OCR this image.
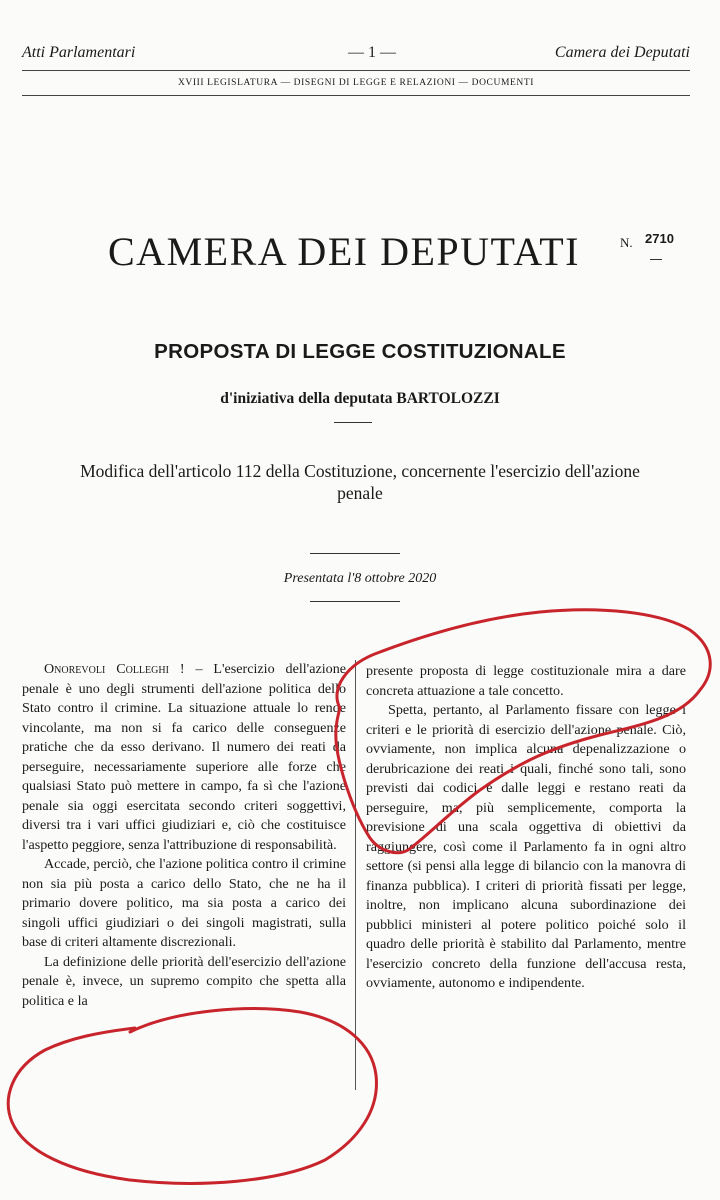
Atti Parlamentari	— 1 —	Camera dei Deputati
XVIII LEGISLATURA — DISEGNI DI LEGGE E RELAZIONI — DOCUMENTI
CAMERA DEI DEPUTATI	N. 2710
PROPOSTA DI LEGGE COSTITUZIONALE
d'iniziativa della deputata BARTOLOZZI
Modifica dell'articolo 112 della Costituzione, concernente l'esercizio dell'azione penale
Presentata l'8 ottobre 2020

Onorevoli Colleghi ! – L'esercizio dell'azione penale è uno degli strumenti dell'azione politica dello Stato contro il crimine. La situazione attuale lo rende vincolante, ma non si fa carico delle conseguenze pratiche che da esso derivano. Il numero dei reati da perseguire, necessariamente superiore alle forze che qualsiasi Stato può mettere in campo, fa sì che l'azione penale sia oggi esercitata secondo criteri soggettivi, diversi tra i vari uffici giudiziari e, ciò che costituisce l'aspetto peggiore, senza l'attribuzione di responsabilità.

Accade, perciò, che l'azione politica contro il crimine non sia più posta a carico dello Stato, che ne ha il primario dovere politico, ma sia posta a carico dei singoli uffici giudiziari o dei singoli magistrati, sulla base di criteri altamente discrezionali.

La definizione delle priorità dell'esercizio dell'azione penale è, invece, un supremo compito che spetta alla politica e la

presente proposta di legge costituzionale mira a dare concreta attuazione a tale concetto.

Spetta, pertanto, al Parlamento fissare con legge i criteri e le priorità di esercizio dell'azione penale. Ciò, ovviamente, non implica alcuna depenalizzazione o derubricazione dei reati i quali, finché sono tali, sono previsti dai codici e dalle leggi e restano reati da perseguire, ma, più semplicemente, comporta la previsione di una scala oggettiva di obiettivi da raggiungere, così come il Parlamento fa in ogni altro settore (si pensi alla legge di bilancio con la manovra di finanza pubblica). I criteri di priorità fissati per legge, inoltre, non implicano alcuna subordinazione dei pubblici ministeri al potere politico poiché solo il quadro delle priorità è stabilito dal Parlamento, mentre l'esercizio concreto della funzione dell'accusa resta, ovviamente, autonomo e indipendente.
